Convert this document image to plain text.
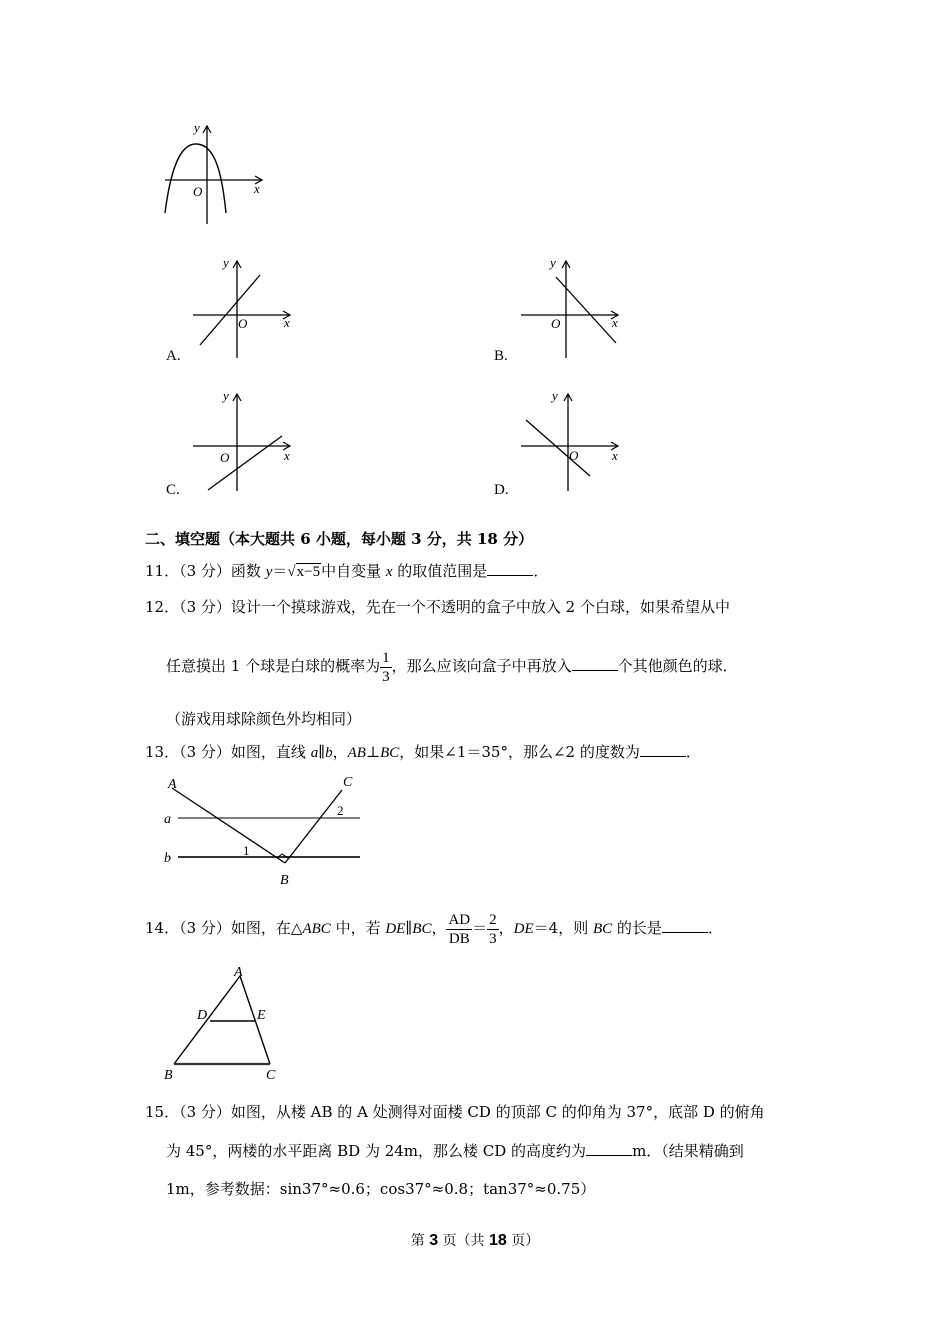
y
x
O
y
x
O
A.
y
x
O
B.
y
x
O
C.
y
x
O
D.
二、填空题（本大题共 6 小题，每小题 3 分，共 18 分）
11．（3 分）函数 y＝√x−5中自变量 x 的取值范围是	．
12．（3 分）设计一个摸球游戏，先在一个不透明的盒子中放入 2 个白球，如果希望从中
任意摸出 1 个球是白球的概率为 $\frac{1}{3}$ ，那么应该向盒子中再放入	个其他颜色的球．
（游戏用球除颜色外均相同）
13．（3 分）如图，直线 a∥b，AB⊥BC，如果∠1＝35°，那么∠2 的度数为	．
A	C
2
a
b
1
B
14．（3 分）如图，在△ABC 中，若 DE∥BC， $\frac{AD}{DB} = \frac{2}{3}$ ，DE＝4，则 BC 的长是	．
A
D	E
B	C
15．（3 分）如图，从楼 AB 的 A 处测得对面楼 CD 的顶部 C 的仰角为 37°，底部 D 的俯角
为 45°，两楼的水平距离 BD 为 24m，那么楼 CD 的高度约为	m．（结果精确到
1m，参考数据：sin37°≈0.6；cos37°≈0.8；tan37°≈0.75）
第 3 页（共 18 页）
